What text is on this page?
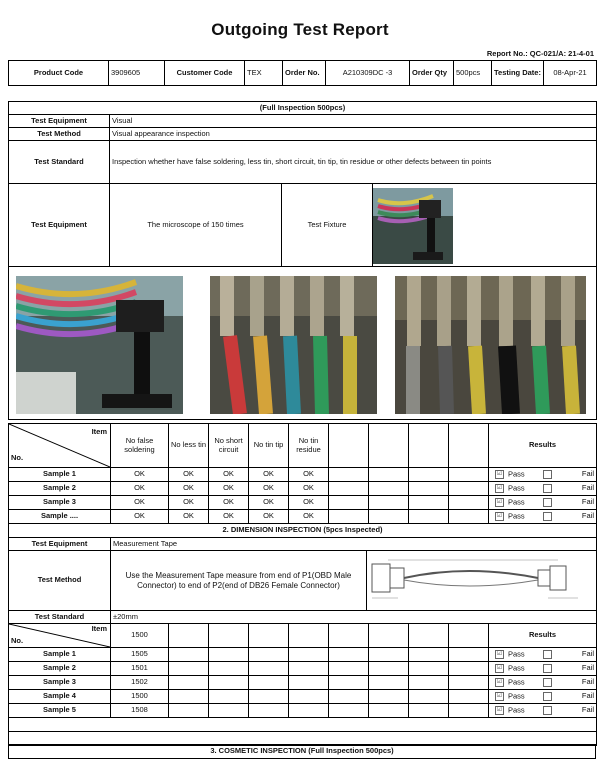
Outgoing Test Report
Report No.: QC-021/A: 21-4-01
Product Code	3909605	Customer Code	TEX	Order No.	A210309DC -3	Order Qty	500pcs	Testing Date:	08-Apr-21
(Full Inspection 500pcs)			
Test Equipment	Visual		
Test Method	Visual appearance inspection		
Test Standard	Inspection whether have false soldering, less tin, short circuit, tin tip, tin residue or other defects between tin points		
Test Equipment	The microscope of 150 times	Test Fixture	

Item
No.	No false soldering	No less tin	No short circuit	No tin tip	No tin residue					Results
Sample 1	OK	OK	OK	OK	OK					☑ Pass Fail

Sample 2	OK	OK	OK	OK	OK					☑ Pass Fail

Sample 3	OK	OK	OK	OK	OK					☑ Pass Fail

Sample ....	OK	OK	OK	OK	OK					☑ Pass Fail
2. DIMENSION INSPECTION (5pcs Inspected)		
Test Equipment	Measurement Tape	
Test Method	Use the Measurement Tape measure from end of P1(OBD Male Connector) to end of P2(end of DB26 Female Connector)	
Test Standard	±20mm	
Item
No.	1500									Results
Sample 1	1505									☑ Pass Fail

Sample 2	1501									☑ Pass Fail

Sample 3	1502									☑ Pass Fail

Sample 4	1500									☑ Pass Fail

Sample 5	1508									☑ Pass Fail

3. COSMETIC INSPECTION (Full Inspection 500pcs)
